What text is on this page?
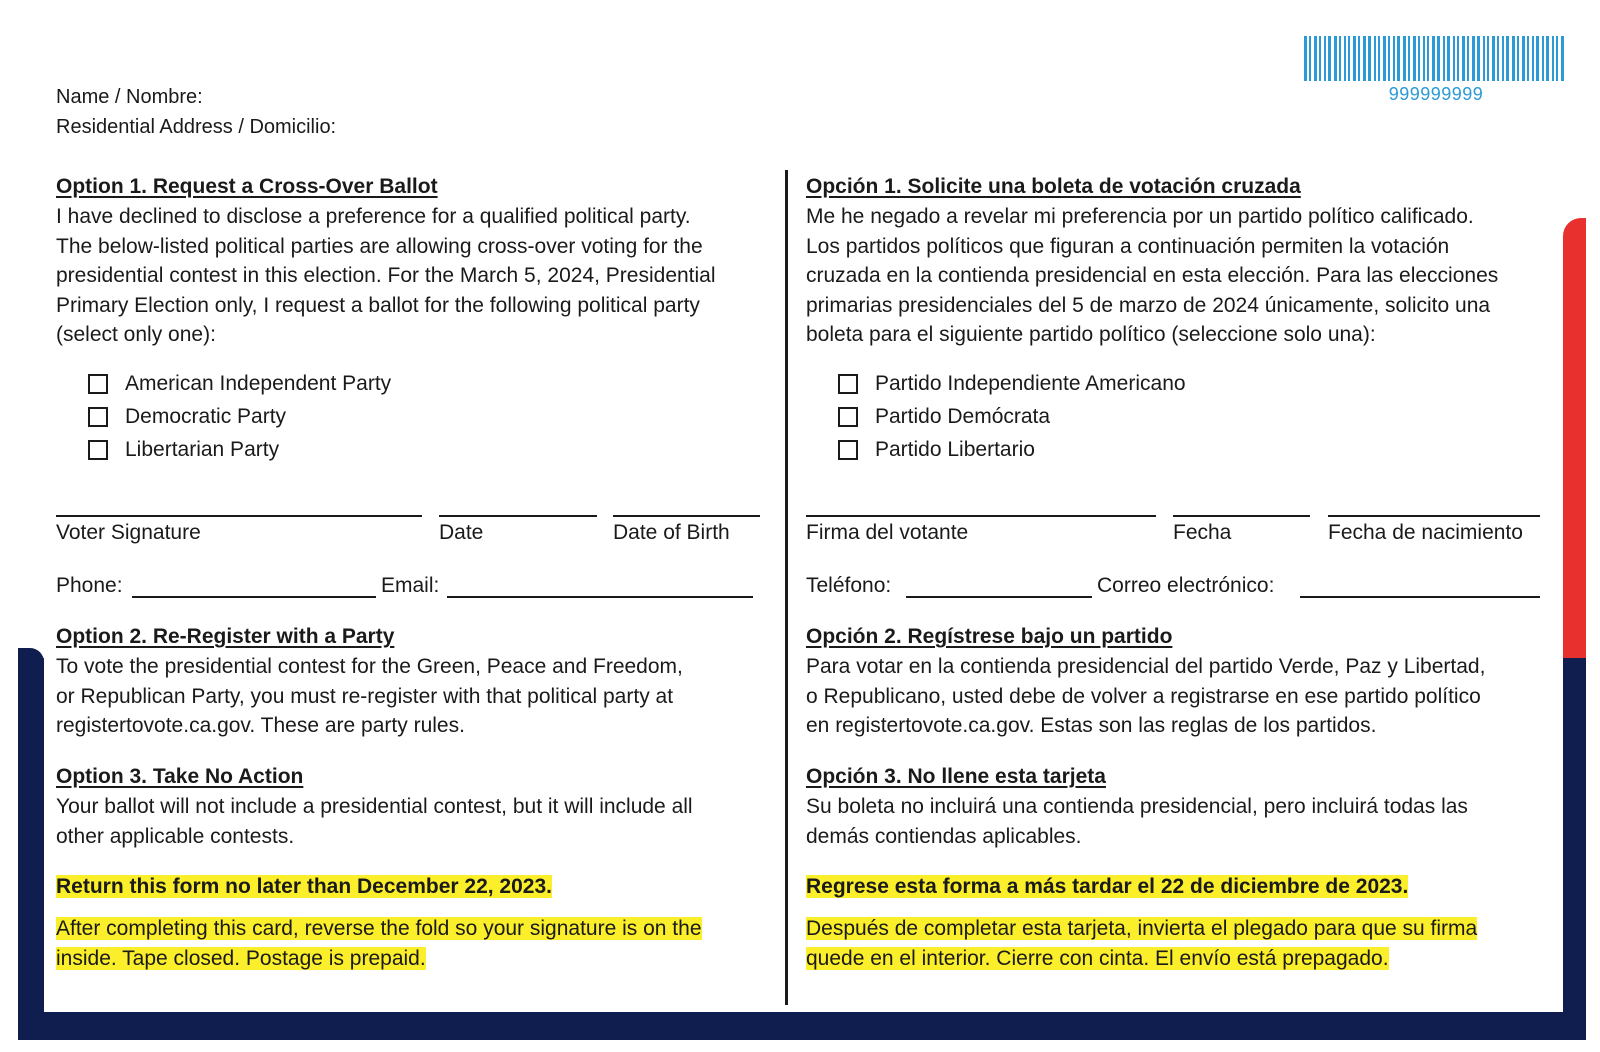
999999999
Name / Nombre:
Residential Address / Domicilio:

Option 1. Request a Cross-Over Ballot

I have declined to disclose a preference for a qualified political party.

The below-listed political parties are allowing cross-over voting for the

presidential contest in this election. For the March 5, 2024, Presidential

Primary Election only, I request a ballot for the following political party

(select only one):

American Independent Party
Democratic Party
Libertarian Party
Voter Signature	Date	Date of Birth
Phone:	Email:

Option 2. Re-Register with a Party

To vote the presidential contest for the Green, Peace and Freedom,

or Republican Party, you must re-register with that political party at

registertovote.ca.gov. These are party rules.

Option 3. Take No Action

Your ballot will not include a presidential contest, but it will include all

other applicable contests.

Return this form no later than December 22, 2023.
After completing this card, reverse the fold so your signature is on the
inside. Tape closed. Postage is prepaid.

Opción 1. Solicite una boleta de votación cruzada

Me he negado a revelar mi preferencia por un partido político calificado.

Los partidos políticos que figuran a continuación permiten la votación

cruzada en la contienda presidencial en esta elección. Para las elecciones

primarias presidenciales del 5 de marzo de 2024 únicamente, solicito una

boleta para el siguiente partido político (seleccione solo una):

Partido Independiente Americano
Partido Demócrata
Partido Libertario
Firma del votante	Fecha	Fecha de nacimiento
Teléfono:	Correo electrónico:

Opción 2. Regístrese bajo un partido

Para votar en la contienda presidencial del partido Verde, Paz y Libertad,

o Republicano, usted debe de volver a registrarse en ese partido político

en registertovote.ca.gov. Estas son las reglas de los partidos.

Opción 3. No llene esta tarjeta

Su boleta no incluirá una contienda presidencial, pero incluirá todas las

demás contiendas aplicables.

Regrese esta forma a más tardar el 22 de diciembre de 2023.
Después de completar esta tarjeta, invierta el plegado para que su firma
quede en el interior. Cierre con cinta. El envío está prepagado.
